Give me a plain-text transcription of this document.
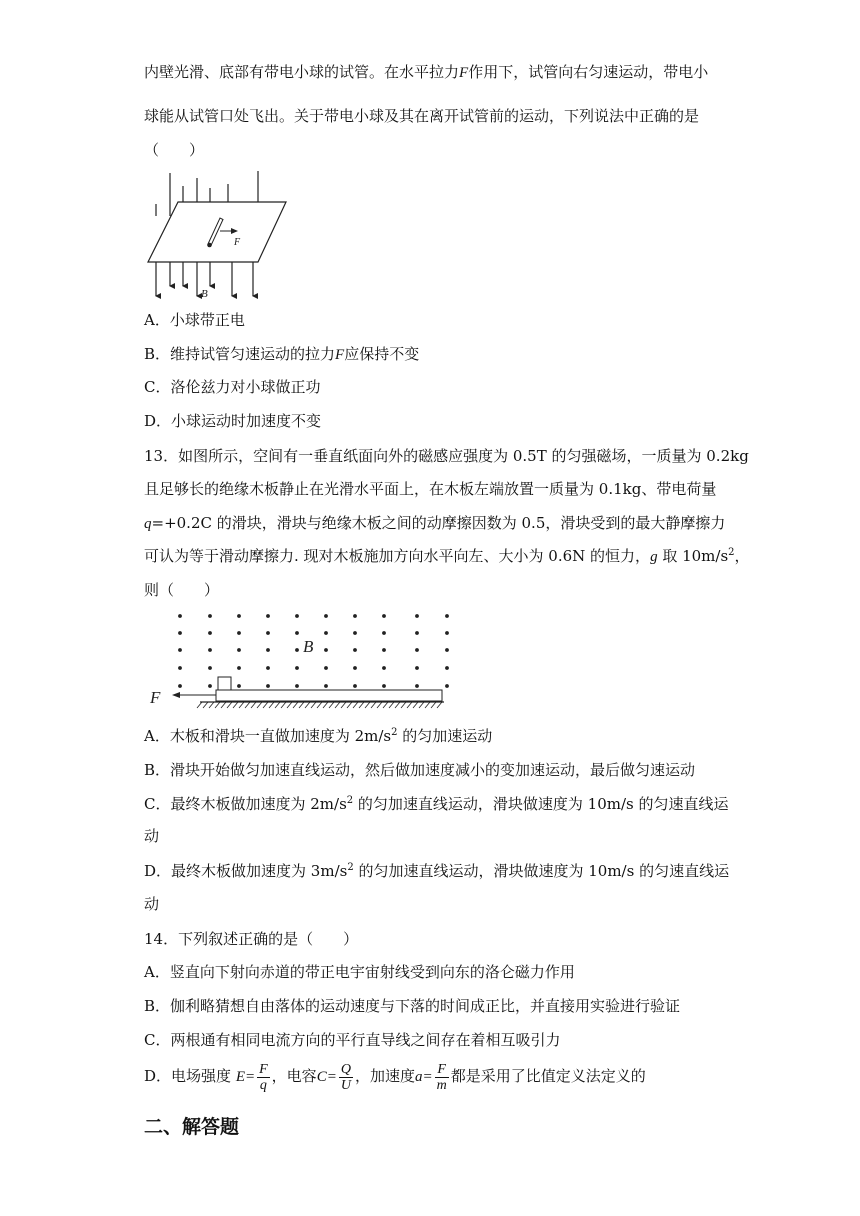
内壁光滑、底部有带电小球的试管。在水平拉力F作用下，试管向右匀速运动，带电小
球能从试管口处飞出。关于带电小球及其在离开试管前的运动，下列说法中正确的是
（　　）
F
B
A．小球带正电
B．维持试管匀速运动的拉力F应保持不变
C．洛伦兹力对小球做正功
D．小球运动时加速度不变
13．如图所示，空间有一垂直纸面向外的磁感应强度为 0.5T 的匀强磁场，一质量为 0.2kg
且足够长的绝缘木板静止在光滑水平面上，在木板左端放置一质量为 0.1kg、带电荷量
q=+0.2C 的滑块，滑块与绝缘木板之间的动摩擦因数为 0.5，滑块受到的最大静摩擦力
可认为等于滑动摩擦力. 现对木板施加方向水平向左、大小为 0.6N 的恒力，g 取 $10m/s^2$，
则（　　）
B
F
A．木板和滑块一直做加速度为 $2m/s^2$ 的匀加速运动
B．滑块开始做匀加速直线运动，然后做加速度减小的变加速运动，最后做匀速运动
C．最终木板做加速度为 $2m/s^2$ 的匀加速直线运动，滑块做速度为 10m/s 的匀速直线运
动
D．最终木板做加速度为 $3m/s^2$ 的匀加速直线运动，滑块做速度为 10m/s 的匀速直线运
动
14．下列叙述正确的是（　　）
A．竖直向下射向赤道的带正电宇宙射线受到向东的洛仑磁力作用
B．伽利略猜想自由落体的运动速度与下落的时间成正比，并直接用实验进行验证
C．两根通有相同电流方向的平行直导线之间存在着相互吸引力
D．电场强度 $E= \frac{F}{q}$ ，电容$C= \frac{Q}{U}$ ，加速度$a= \frac{F}{m}$ 都是采用了比值定义法定义的
二、解答题
